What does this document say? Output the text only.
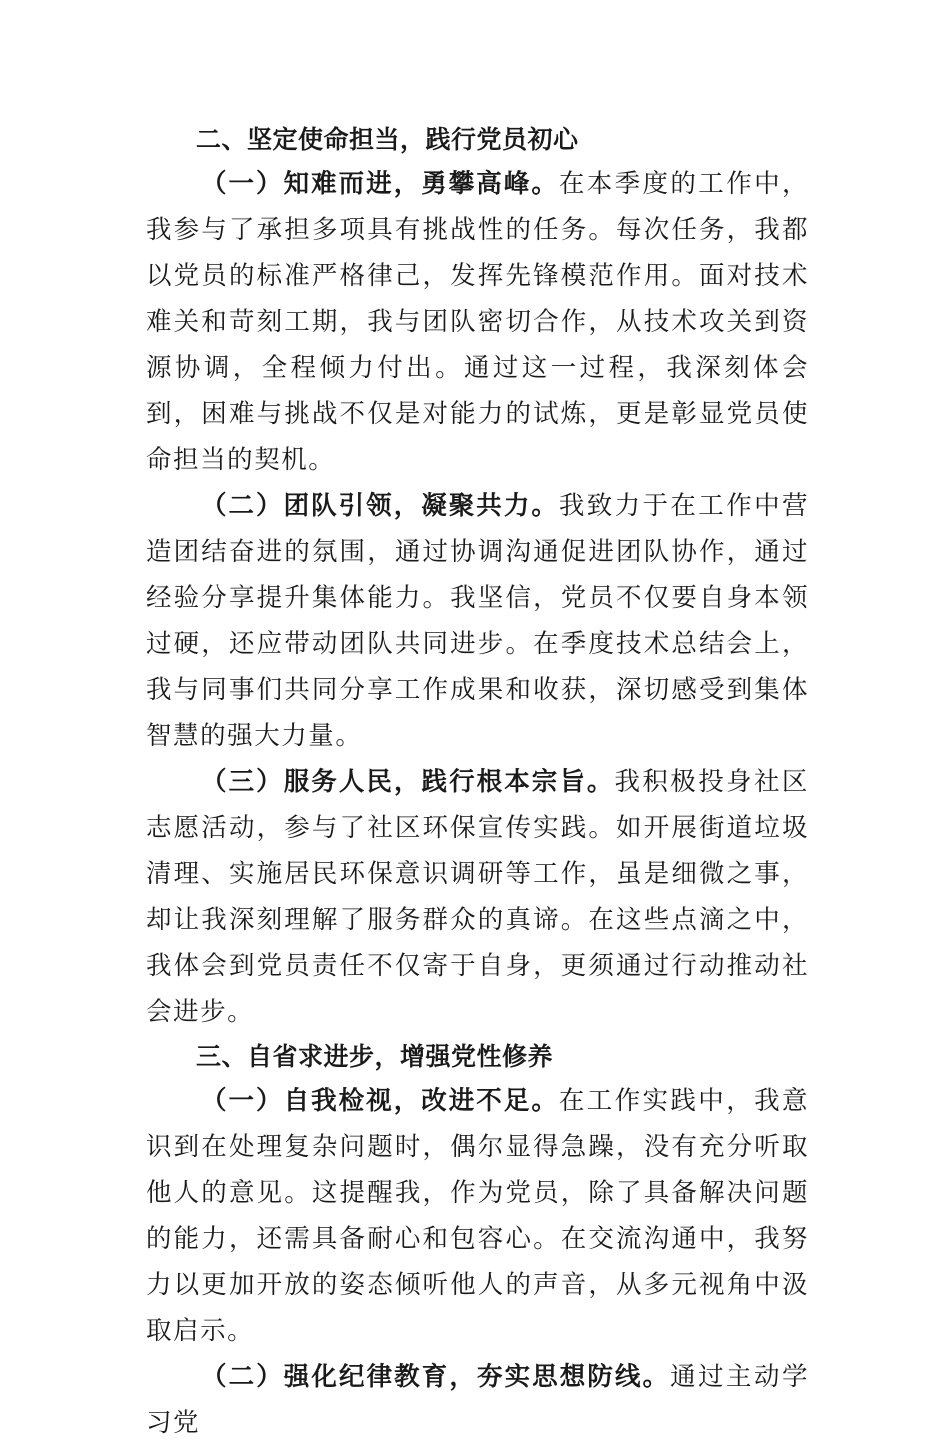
二、坚定使命担当，践行党员初心

（一）知难而进，勇攀高峰。在本季度的工作中，我参与了承担多项具有挑战性的任务。每次任务，我都以党员的标准严格律己，发挥先锋模范作用。面对技术难关和苛刻工期，我与团队密切合作，从技术攻关到资源协调，全程倾力付出。通过这一过程，我深刻体会到，困难与挑战不仅是对能力的试炼，更是彰显党员使命担当的契机。

（二）团队引领，凝聚共力。我致力于在工作中营造团结奋进的氛围，通过协调沟通促进团队协作，通过经验分享提升集体能力。我坚信，党员不仅要自身本领过硬，还应带动团队共同进步。在季度技术总结会上，我与同事们共同分享工作成果和收获，深切感受到集体智慧的强大力量。

（三）服务人民，践行根本宗旨。我积极投身社区志愿活动，参与了社区环保宣传实践。如开展街道垃圾清理、实施居民环保意识调研等工作，虽是细微之事，却让我深刻理解了服务群众的真谛。在这些点滴之中，我体会到党员责任不仅寄于自身，更须通过行动推动社会进步。

三、自省求进步，增强党性修养

（一）自我检视，改进不足。在工作实践中，我意识到在处理复杂问题时，偶尔显得急躁，没有充分听取他人的意见。这提醒我，作为党员，除了具备解决问题的能力，还需具备耐心和包容心。在交流沟通中，我努力以更加开放的姿态倾听他人的声音，从多元视角中汲取启示。

（二）强化纪律教育，夯实思想防线。通过主动学习党
